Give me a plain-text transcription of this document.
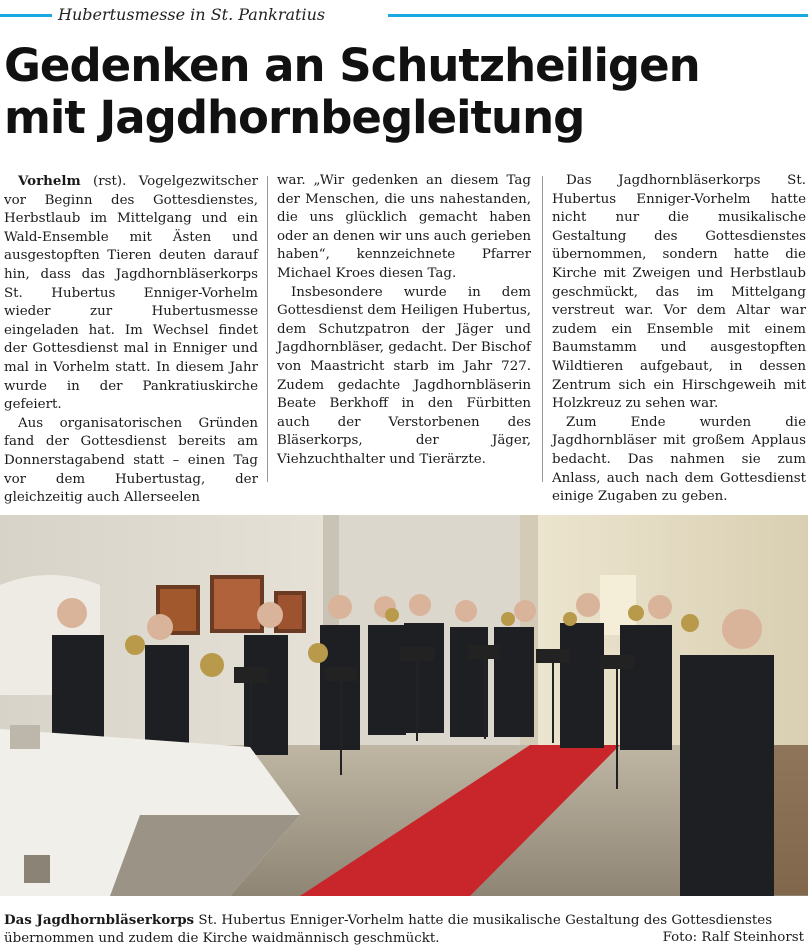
Hubertusmesse in St. Pankratius
Gedenken an Schutzheiligen
mit Jagdhornbegleitung

Vorhelm (rst). Vogelgezwitscher vor Beginn des Gottesdienstes, Herbstlaub im Mittelgang und ein Wald-Ensemble mit Ästen und ausgestopften Tieren deuten darauf hin, dass das Jagdhornbläserkorps St. Hubertus Enniger-Vorhelm wieder zur Hubertusmesse eingeladen hat. Im Wechsel findet der Gottesdienst mal in Enniger und mal in Vorhelm statt. In diesem Jahr wurde in der Pankratiuskirche gefeiert.

Aus organisatorischen Gründen fand der Gottesdienst bereits am Donnerstagabend statt – einen Tag vor dem Hubertustag, der gleichzeitig auch Allerseelen

war. „Wir gedenken an diesem Tag der Menschen, die uns nahestanden, die uns glücklich gemacht haben oder an denen wir uns auch gerieben haben“, kennzeichnete Pfarrer Michael Kroes diesen Tag.

Insbesondere wurde in dem Gottesdienst dem Heiligen Hubertus, dem Schutzpatron der Jäger und Jagdhornbläser, gedacht. Der Bischof von Maastricht starb im Jahr 727. Zudem gedachte Jagdhornbläserin Beate Berkhoff in den Fürbitten auch der Verstorbenen des Bläserkorps, der Jäger, Viehzuchthalter und Tierärzte.

Das Jagdhornbläserkorps St. Hubertus Enniger-Vorhelm hatte nicht nur die musikalische Gestaltung des Gottesdienstes übernommen, sondern hatte die Kirche mit Zweigen und Herbstlaub geschmückt, das im Mittelgang verstreut war. Vor dem Altar war zudem ein Ensemble mit einem Baumstamm und ausgestopften Wildtieren aufgebaut, in dessen Zentrum sich ein Hirschgeweih mit Holzkreuz zu sehen war.

Zum Ende wurden die Jagdhornbläser mit großem Applaus bedacht. Das nahmen sie zum Anlass, auch nach dem Gottesdienst einige Zugaben zu geben.

Das Jagdhornbläserkorps St. Hubertus Enniger-Vorhelm hatte die musikalische Gestaltung des Gottesdienstes übernommen und zudem die Kirche waidmännisch geschmückt.	Foto: Ralf Steinhorst
